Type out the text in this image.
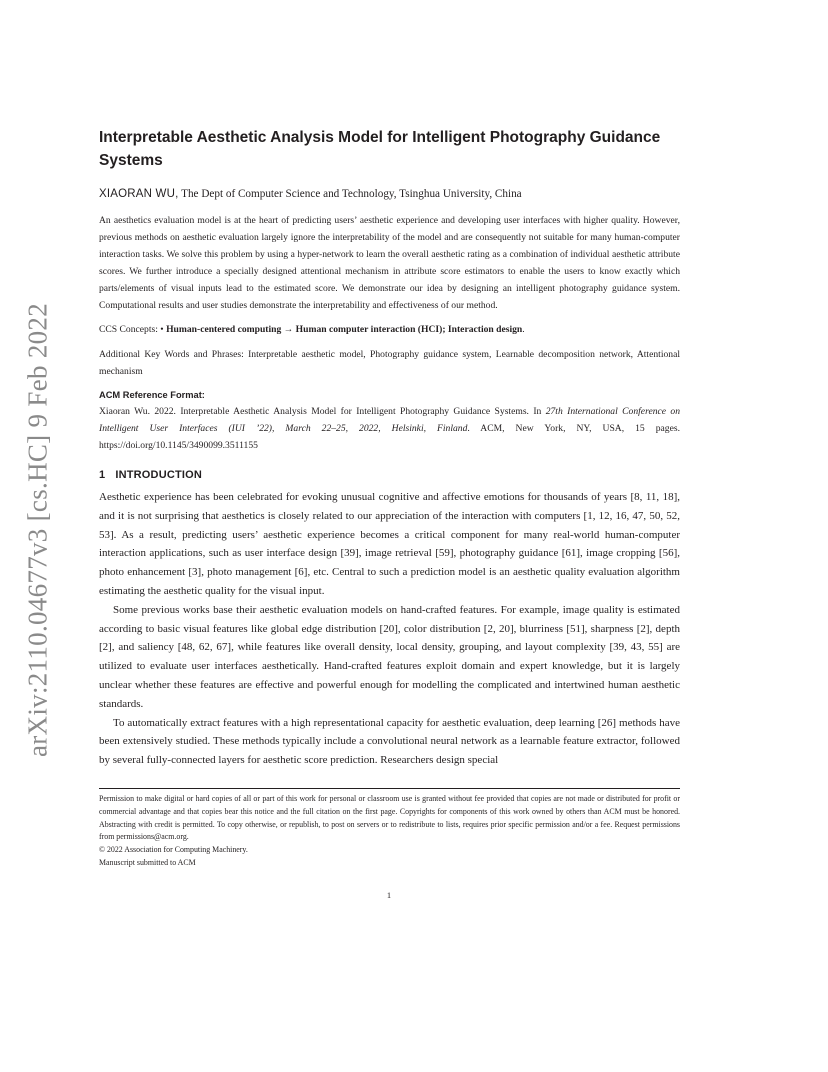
arXiv:2110.04677v3 [cs.HC] 9 Feb 2022
Interpretable Aesthetic Analysis Model for Intelligent Photography Guidance Systems
XIAORAN WU, The Dept of Computer Science and Technology, Tsinghua University, China
An aesthetics evaluation model is at the heart of predicting users’ aesthetic experience and developing user interfaces with higher quality. However, previous methods on aesthetic evaluation largely ignore the interpretability of the model and are consequently not suitable for many human-computer interaction tasks. We solve this problem by using a hyper-network to learn the overall aesthetic rating as a combination of individual aesthetic attribute scores. We further introduce a specially designed attentional mechanism in attribute score estimators to enable the users to know exactly which parts/elements of visual inputs lead to the estimated score. We demonstrate our idea by designing an intelligent photography guidance system. Computational results and user studies demonstrate the interpretability and effectiveness of our method.
CCS Concepts: • Human-centered computing → Human computer interaction (HCI); Interaction design.
Additional Key Words and Phrases: Interpretable aesthetic model, Photography guidance system, Learnable decomposition network, Attentional mechanism
ACM Reference Format:
Xiaoran Wu. 2022. Interpretable Aesthetic Analysis Model for Intelligent Photography Guidance Systems. In 27th International Conference on Intelligent User Interfaces (IUI ’22), March 22–25, 2022, Helsinki, Finland. ACM, New York, NY, USA, 15 pages. https://doi.org/10.1145/3490099.3511155
1 INTRODUCTION

Aesthetic experience has been celebrated for evoking unusual cognitive and affective emotions for thousands of years [8, 11, 18], and it is not surprising that aesthetics is closely related to our appreciation of the interaction with computers [1, 12, 16, 47, 50, 52, 53]. As a result, predicting users’ aesthetic experience becomes a critical component for many real-world human-computer interaction applications, such as user interface design [39], image retrieval [59], photography guidance [61], image cropping [56], photo enhancement [3], photo management [6], etc. Central to such a prediction model is an aesthetic quality evaluation algorithm estimating the aesthetic quality for the visual input.

Some previous works base their aesthetic evaluation models on hand-crafted features. For example, image quality is estimated according to basic visual features like global edge distribution [20], color distribution [2, 20], blurriness [51], sharpness [2], depth [2], and saliency [48, 62, 67], while features like overall density, local density, grouping, and layout complexity [39, 43, 55] are utilized to evaluate user interfaces aesthetically. Hand-crafted features exploit domain and expert knowledge, but it is largely unclear whether these features are effective and powerful enough for modelling the complicated and intertwined human aesthetic standards.

To automatically extract features with a high representational capacity for aesthetic evaluation, deep learning [26] methods have been extensively studied. These methods typically include a convolutional neural network as a learnable feature extractor, followed by several fully-connected layers for aesthetic score prediction. Researchers design special

Permission to make digital or hard copies of all or part of this work for personal or classroom use is granted without fee provided that copies are not made or distributed for profit or commercial advantage and that copies bear this notice and the full citation on the first page. Copyrights for components of this work owned by others than ACM must be honored. Abstracting with credit is permitted. To copy otherwise, or republish, to post on servers or to redistribute to lists, requires prior specific permission and/or a fee. Request permissions from permissions@acm.org.
© 2022 Association for Computing Machinery.
Manuscript submitted to ACM
1
